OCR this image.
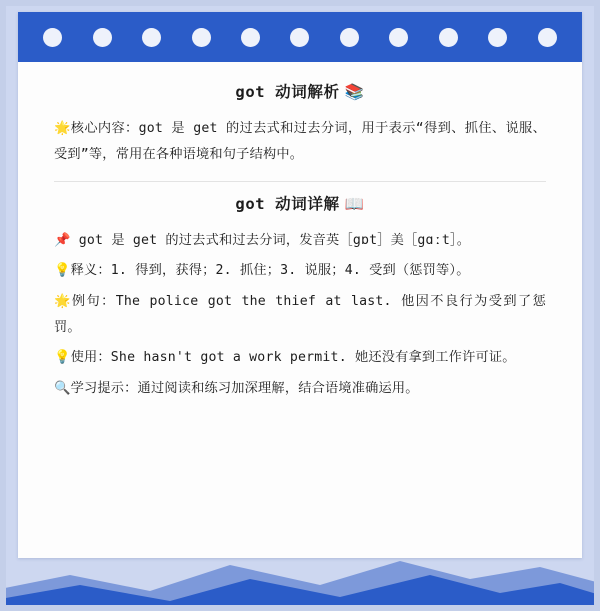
got 动词解析 📚

🌟核心内容：got 是 get 的过去式和过去分词，用于表示“得到、抓住、说服、受到”等，常用在各种语境和句子结构中。

got 动词详解 📖

📌 got 是 get 的过去式和过去分词，发音英［gɒt］美［gɑːt］。

💡释义：1. 得到，获得；2. 抓住；3. 说服；4. 受到（惩罚等）。

🌟例句：The police got the thief at last. 他因不良行为受到了惩罚。

💡使用：She hasn't got a work permit. 她还没有拿到工作许可证。

🔍学习提示：通过阅读和练习加深理解，结合语境准确运用。
